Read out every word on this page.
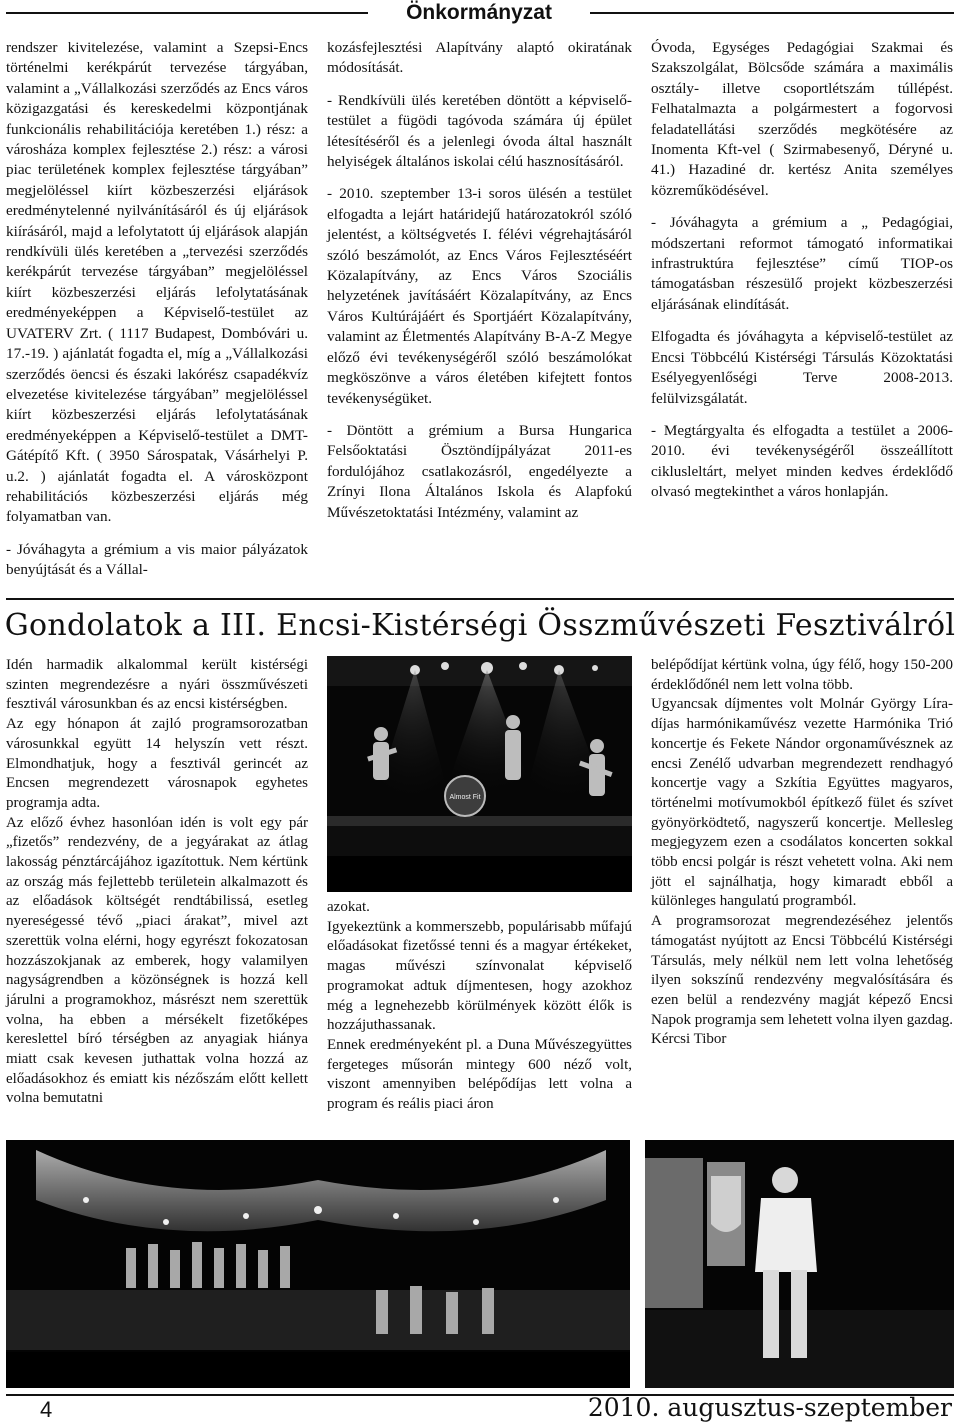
Önkormányzat

rendszer kivitelezése, valamint a Szepsi-Encs történelmi kerékpárút tervezése tárgyában, valamint a „Vállalkozási szerződés az Encs város közigazgatási és kereskedelmi központjának funkcionális rehabilitációja keretében 1.) rész: a városháza komplex fejlesztése 2.) rész: a városi piac területének komplex fejlesztése tárgyában” megjelöléssel kiírt közbeszerzési eljárások eredménytelenné nyilvánításáról és új eljárások kiírásáról, majd a lefolytatott új eljárások alapján rendkívüli ülés keretében a „tervezési szerződés kerékpárút tervezése tárgyában” megjelöléssel kiírt közbeszerzési eljárás lefolytatásának eredményeképpen a Képviselő-testület az UVATERV Zrt. ( 1117 Budapest, Dombóvári u. 17.-19. ) ajánlatát fogadta el, míg a „Vállalkozási szerződés öencsi és északi lakórész csapadékvíz elvezetése kivitelezése tárgyában” megjelöléssel kiírt közbeszerzési eljárás lefolytatásának eredményeképpen a Képviselő-testület a DMT-Gátépítő Kft. ( 3950 Sárospatak, Vásárhelyi P. u.2. ) ajánlatát fogadta el. A városközpont rehabilitációs közbeszerzési eljárás még folyamatban van.

- Jóváhagyta a grémium a vis maior pályázatok benyújtását és a Vállal-

kozásfejlesztési Alapítvány alaptó okiratának módosítását.

- Rendkívüli ülés keretében döntött a képviselő-testület a fügödi tagóvoda számára új épület létesítéséről és a jelenlegi óvoda által használt helyiségek általános iskolai célú hasznosításáról.

- 2010. szeptember 13-i soros ülésén a testület elfogadta a lejárt határidejű határozatokról szóló jelentést, a költségvetés I. félévi végrehajtásáról szóló beszámolót, az Encs Város Fejlesztéséért Közalapítvány, az Encs Város Szociális helyzetének javításáért Közalapítvány, az Encs Város Kultúrájáért és Sportjáért Közalapítvány, valamint az Életmentés Alapítvány B-A-Z Megye előző évi tevékenységéről szóló beszámolókat megköszönve a város életében kifejtett fontos tevékenységüket.

- Döntött a grémium a Bursa Hungarica Felsőoktatási Ösztöndíjpályázat 2011-es fordulójához csatlakozásról, engedélyezte a Zrínyi Ilona Általános Iskola és Alapfokú Művészetoktatási Intézmény, valamint az

Óvoda, Egységes Pedagógiai Szakmai és Szakszolgálat, Bölcsőde számára a maximális osztály- illetve csoportlétszám túllépést. Felhatalmazta a polgármestert a fogorvosi feladatellátási szerződés megkötésére az Inomenta Kft-vel ( Szirmabesenyő, Déryné u. 41.) Hazadiné dr. kertész Anita személyes közreműködésével.

- Jóváhagyta a grémium a „ Pedagógiai, módszertani reformot támogató informatikai infrastruktúra fejlesztése” című TIOP-os támogatásban részesülő projekt közbeszerzési eljárásának elindítását.

Elfogadta és jóváhagyta a képviselő-testület az Encsi Többcélú Kistérségi Társulás Közoktatási Esélyegyenlőségi Terve 2008-2013. felülvizsgálatát.

- Megtárgyalta és elfogadta a testület a 2006-2010. évi tevékenységéről összeállított ciklusleltárt, melyet minden kedves érdeklődő olvasó megtekinthet a város honlapján.

Gondolatok a III. Encsi-Kistérségi Összművészeti Fesztiválról

Idén harmadik alkalommal került kistérségi szinten megrendezésre a nyári összművészeti fesztivál városunkban és az encsi kistérségben.

Az egy hónapon át zajló programsorozatban városunkkal együtt 14 helyszín vett részt. Elmondhatjuk, hogy a fesztivál gerincét az Encsen megrendezett városnapok egyhetes programja adta.

Az előző évhez hasonlóan idén is volt egy pár „fizetős” rendezvény, de a jegyárakat az átlag lakosság pénztárcájához igazítottuk. Nem kértünk az ország más fejlettebb területein alkalmazott és az előadások költségét rendtábilissá, esetleg nyereségessé tévő „piaci árakat”, mivel azt szerettük volna elérni, hogy egyrészt fokozatosan hozzászokjanak az emberek, hogy valamilyen nagyságrendben a közönségnek is hozzá kell járulni a programokhoz, másrészt nem szerettük volna, ha ebben a mérsékelt fizetőképes kereslettel bíró térségben az anyagiak hiánya miatt csak kevesen juthattak volna hozzá az előadásokhoz és emiatt kis nézőszám előtt kellett volna bemutatni

Almost Fit

azokat.

Igyekeztünk a kommerszebb, populárisabb műfajú előadásokat fizetőssé tenni és a magyar értékeket, magas művészi színvonalat képviselő programokat adtuk díjmentesen, hogy azokhoz még a legnehezebb körülmények között élők is hozzájuthassanak.

Ennek eredményeként pl. a Duna Művészegyüttes fergeteges műsorán mintegy 600 néző volt, viszont amennyiben belépődíjas lett volna a program és reális piaci áron

belépődíjat kértünk volna, úgy félő, hogy 150-200 érdeklődőnél nem lett volna több.

Ugyancsak díjmentes volt Molnár György Líra-díjas harmónikaművész vezette Harmónika Trió koncertje és Fekete Nándor orgonaművésznek az encsi Zenélő udvarban megrendezett rendhagyó koncertje vagy a Szkítia Együttes magyaros, történelmi motívumokból építkező fület és szívet gyönyörködtető, nagyszerű koncertje. Mellesleg megjegyzem ezen a csodálatos koncerten sokkal több encsi polgár is részt vehetett volna. Aki nem jött el sajnálhatja, hogy kimaradt ebből a különleges hangulatú programból.

A programsorozat megrendezéséhez jelentős támogatást nyújtott az Encsi Többcélú Kistérségi Társulás, mely nélkül nem lett volna lehetőség ilyen sokszínű rendezvény megvalósítására és ezen belül a rendezvény magját képező Encsi Napok programja sem lehetett volna ilyen gazdag.

Kércsi Tibor

4	2010. augusztus-szeptember
